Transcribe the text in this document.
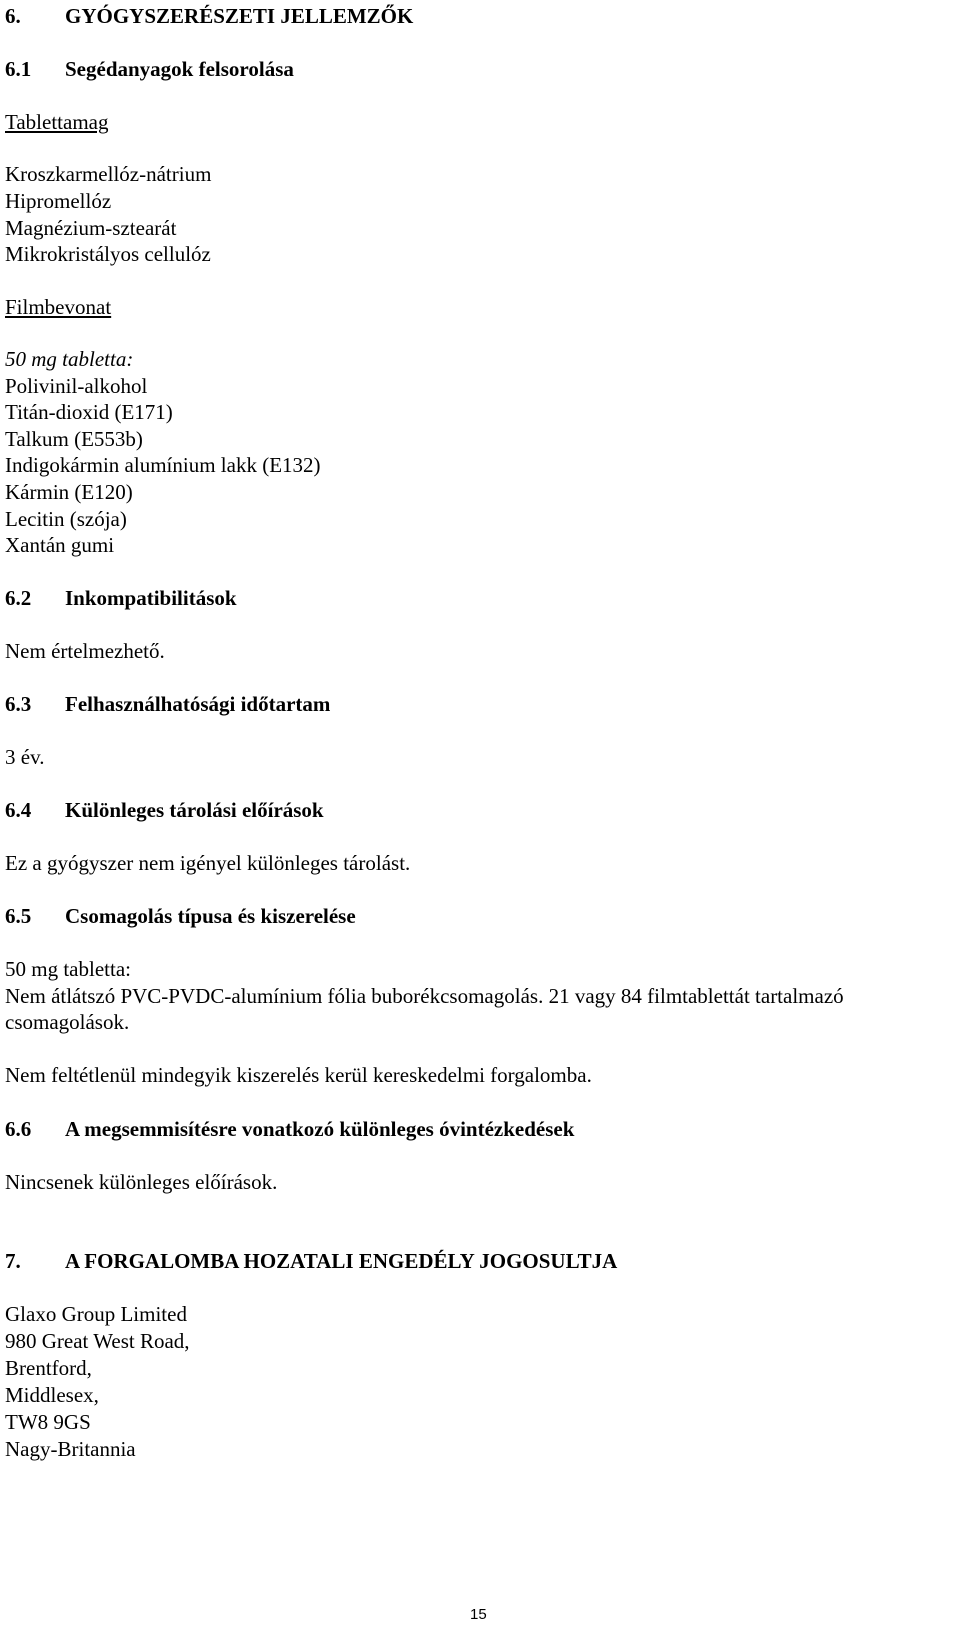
6. GYÓGYSZERÉSZETI JELLEMZŐK

6.1 Segédanyagok felsorolása

Tablettamag

Kroszkarmellóz-nátrium

Hipromellóz

Magnézium-sztearát

Mikrokristályos cellulóz

Filmbevonat

50 mg tabletta:

Polivinil-alkohol

Titán-dioxid (E171)

Talkum (E553b)

Indigokármin alumínium lakk (E132)

Kármin (E120)

Lecitin (szója)

Xantán gumi

6.2 Inkompatibilitások

Nem értelmezhető.

6.3 Felhasználhatósági időtartam

3 év.

6.4 Különleges tárolási előírások

Ez a gyógyszer nem igényel különleges tárolást.

6.5 Csomagolás típusa és kiszerelése

50 mg tabletta:

Nem átlátszó PVC-PVDC-alumínium fólia buborékcsomagolás. 21 vagy 84 filmtablettát tartalmazó

csomagolások.

Nem feltétlenül mindegyik kiszerelés kerül kereskedelmi forgalomba.

6.6 A megsemmisítésre vonatkozó különleges óvintézkedések

Nincsenek különleges előírások.

7. A FORGALOMBA HOZATALI ENGEDÉLY JOGOSULTJA

Glaxo Group Limited

980 Great West Road,

Brentford,

Middlesex,

TW8 9GS

Nagy-Britannia

15
